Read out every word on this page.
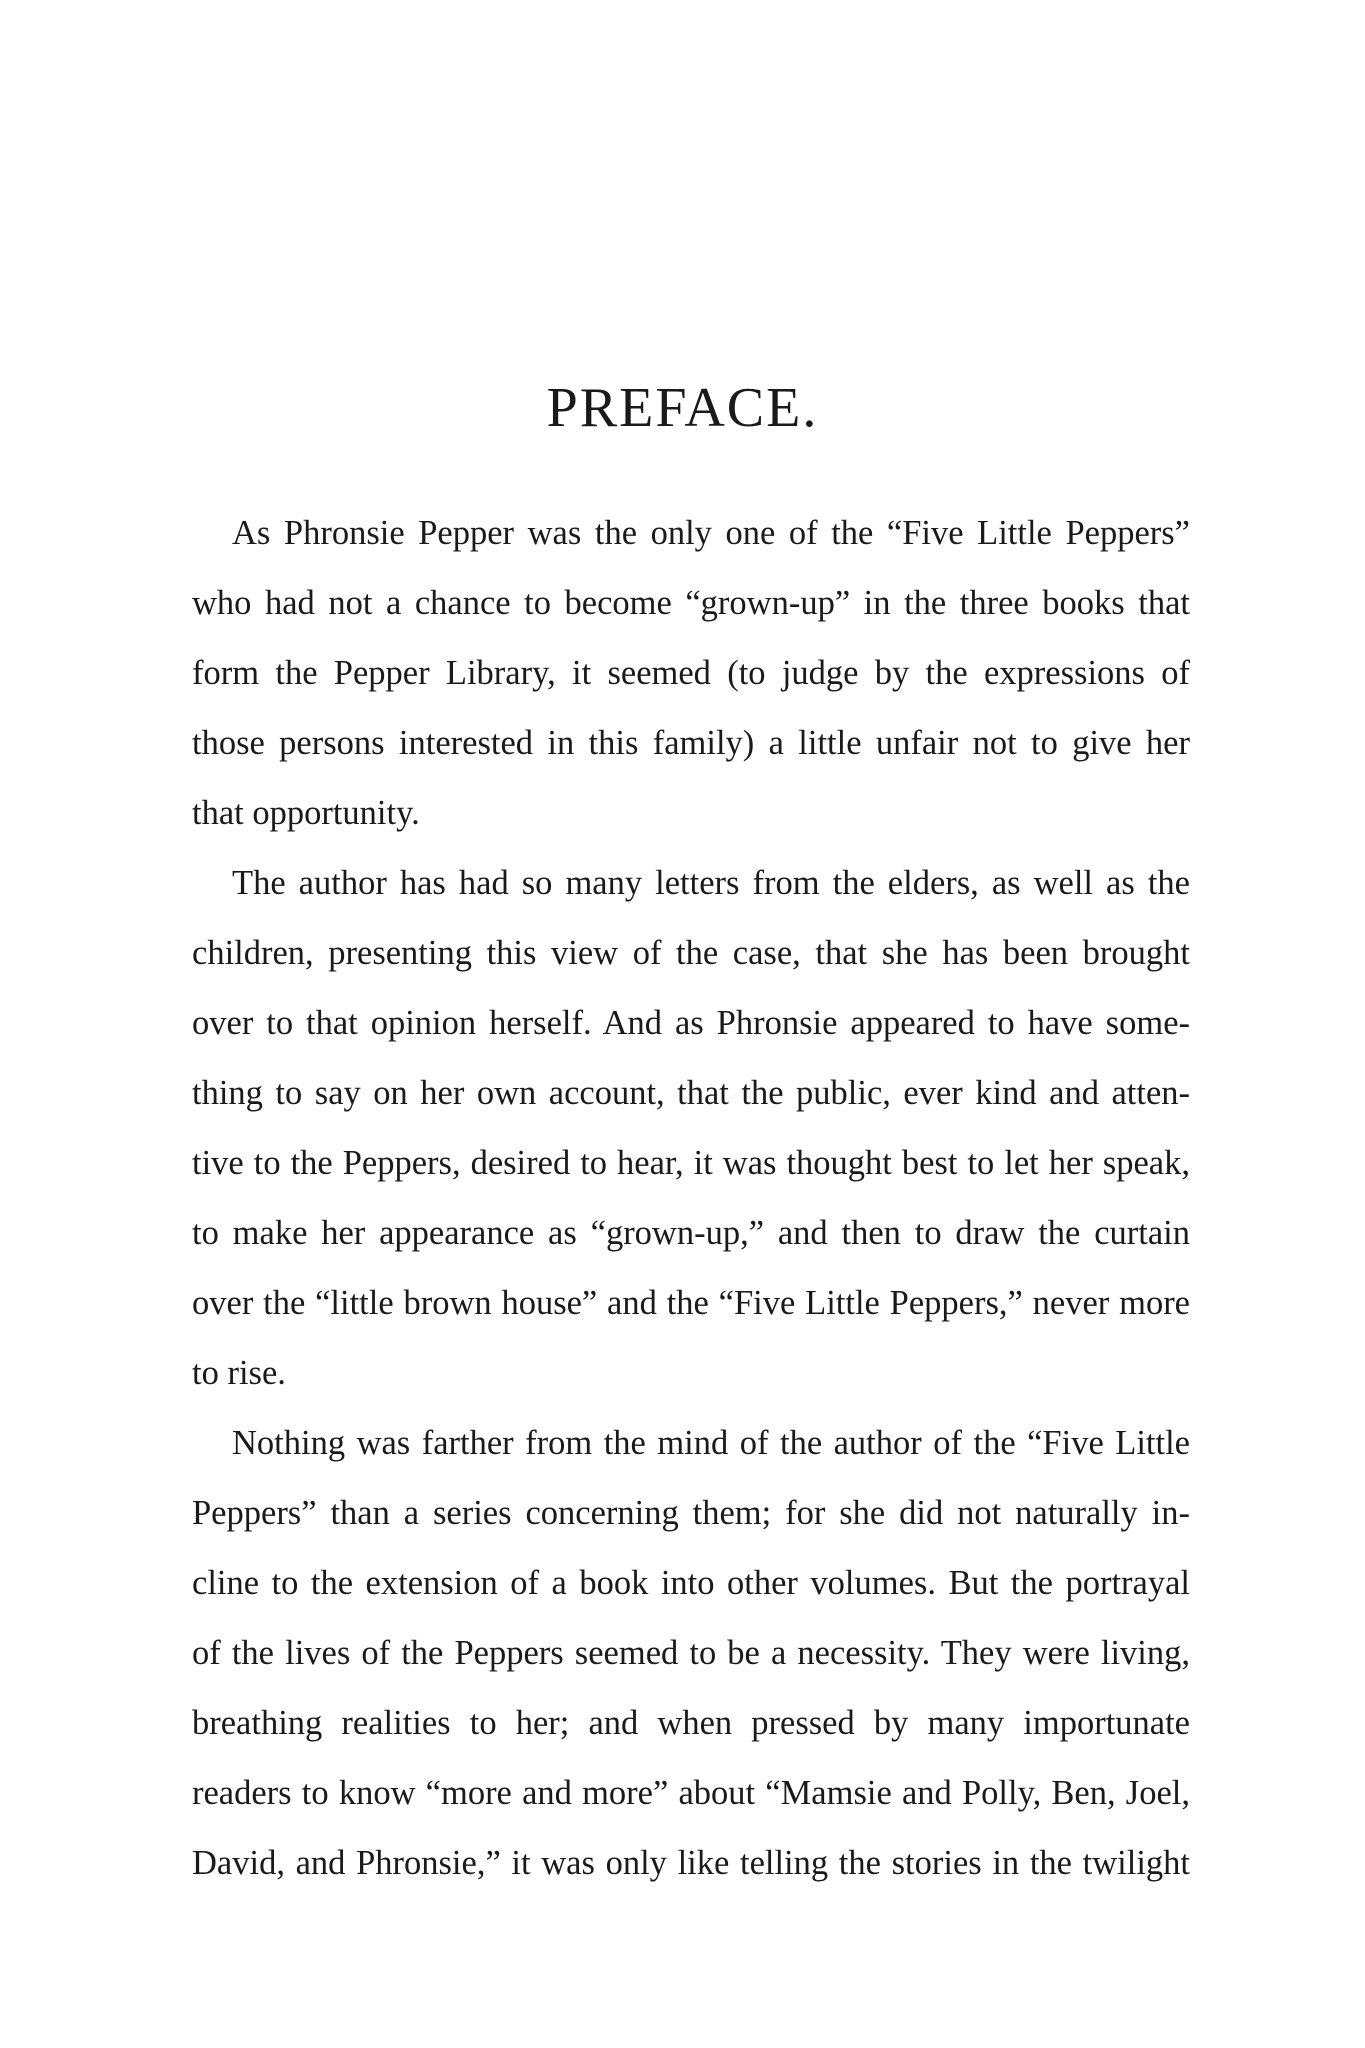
PREFACE.
As Phronsie Pepper was the only one of the “Five Little Peppers”
who had not a chance to become “grown-up” in the three books that
form the Pepper Library, it seemed (to judge by the expressions of
those persons interested in this family) a little unfair not to give her
that opportunity.
The author has had so many letters from the elders, as well as the
children, presenting this view of the case, that she has been brought
over to that opinion herself. And as Phronsie appeared to have some-
thing to say on her own account, that the public, ever kind and atten-
tive to the Peppers, desired to hear, it was thought best to let her speak,
to make her appearance as “grown-up,” and then to draw the curtain
over the “little brown house” and the “Five Little Peppers,” never more
to rise.
Nothing was farther from the mind of the author of the “Five Little
Peppers” than a series concerning them; for she did not naturally in-
cline to the extension of a book into other volumes. But the portrayal
of the lives of the Peppers seemed to be a necessity. They were living,
breathing realities to her; and when pressed by many importunate
readers to know “more and more” about “Mamsie and Polly, Ben, Joel,
David, and Phronsie,” it was only like telling the stories in the twilight
